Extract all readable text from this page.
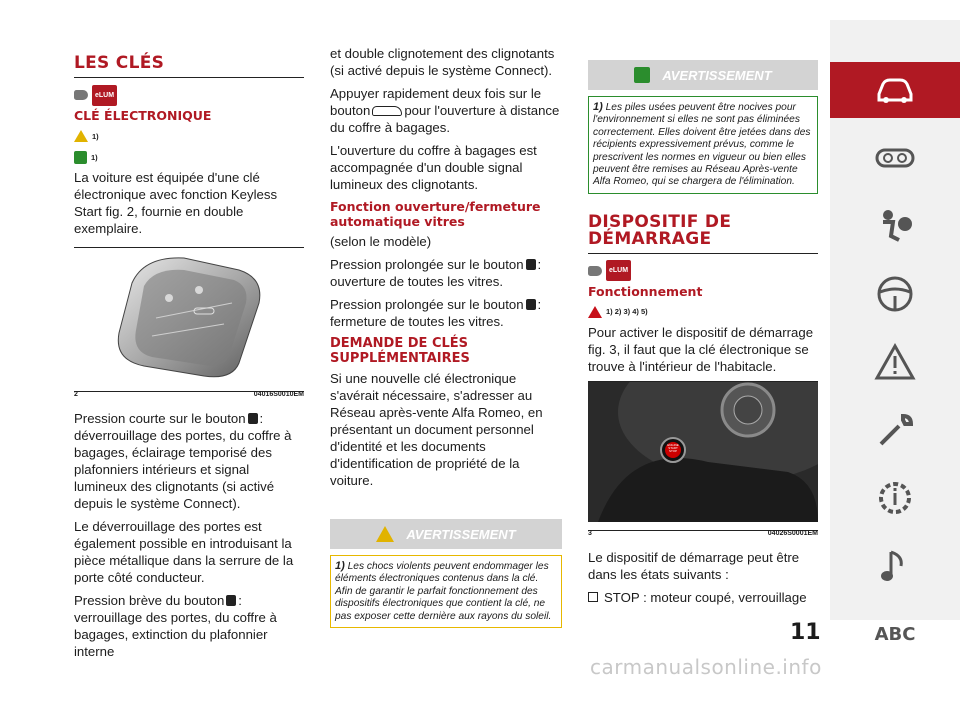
LES CLÉS
eLUM
CLÉ ÉLECTRONIQUE
1)
1)

La voiture est équipée d'une clé électronique avec fonction Keyless Start fig. 2, fournie en double exemplaire.

2	04016S0010EM

Pression courte sur le bouton : déverrouillage des portes, du coffre à bagages, éclairage temporisé des plafonniers intérieurs et signal lumineux des clignotants (si activé depuis le système Connect).

Le déverrouillage des portes est également possible en introduisant la pièce métallique dans la serrure de la porte côté conducteur.

Pression brève du bouton : verrouillage des portes, du coffre à bagages, extinction du plafonnier interne

et double clignotement des clignotants (si activé depuis le système Connect).

Appuyer rapidement deux fois sur le bouton	pour l'ouverture à distance du coffre à bagages.

L'ouverture du coffre à bagages est accompagnée d'un double signal lumineux des clignotants.

Fonction ouverture/fermeture automatique vitres

(selon le modèle)

Pression prolongée sur le bouton : ouverture de toutes les vitres.

Pression prolongée sur le bouton : fermeture de toutes les vitres.

DEMANDE DE CLÉS SUPPLÉMENTAIRES

Si une nouvelle clé électronique s'avérait nécessaire, s'adresser au Réseau après-vente Alfa Romeo, en présentant un document personnel d'identité et les documents d'identification de propriété de la voiture.

AVERTISSEMENT
1) Les chocs violents peuvent endommager les éléments électroniques contenus dans la clé. Afin de garantir le parfait fonctionnement des dispositifs électroniques que contient la clé, ne pas exposer cette dernière aux rayons du soleil.
AVERTISSEMENT
1) Les piles usées peuvent être nocives pour l'environnement si elles ne sont pas éliminées correctement. Elles doivent être jetées dans des récipients expressivement prévus, comme le prescrivent les normes en vigueur ou bien elles peuvent être remises au Réseau Après-vente Alfa Romeo, qui se chargera de l'élimination.
DISPOSITIF DE DÉMARRAGE
eLUM
Fonctionnement
1) 2) 3) 4) 5)

Pour activer le dispositif de démarrage fig. 3, il faut que la clé électronique se trouve à l'intérieur de l'habitacle.

ENGINE START STOP
3	04026S0001EM

Le dispositif de démarrage peut être dans les états suivants :

STOP : moteur coupé, verrouillage

11	ABC
carmanualsonline.info
